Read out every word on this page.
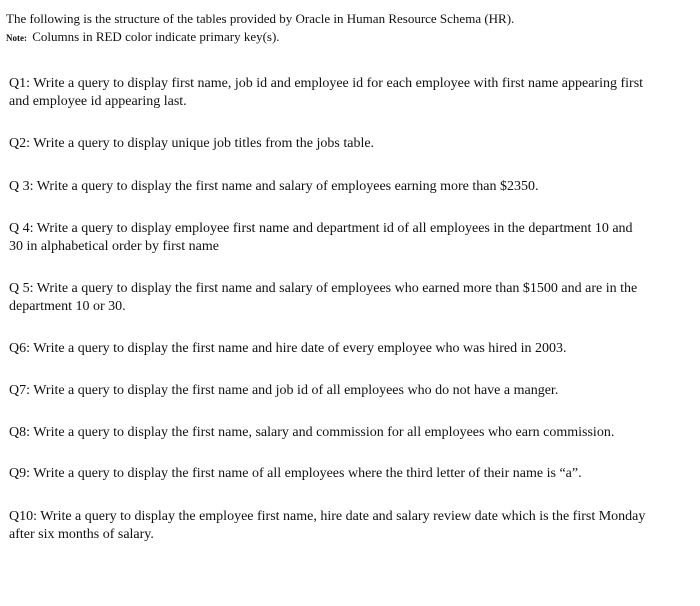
The following is the structure of the tables provided by Oracle in Human Resource Schema (HR).
Note: Columns in RED color indicate primary key(s).
Q1: Write a query to display first name, job id and employee id for each employee with first name appearing first
and employee id appearing last.
Q2: Write a query to display unique job titles from the jobs table.
Q 3: Write a query to display the first name and salary of employees earning more than $2350.
Q 4: Write a query to display employee first name and department id of all employees in the department 10 and
30 in alphabetical order by first name
Q 5: Write a query to display the first name and salary of employees who earned more than $1500 and are in the
department 10 or 30.
Q6: Write a query to display the first name and hire date of every employee who was hired in 2003.
Q7: Write a query to display the first name and job id of all employees who do not have a manger.
Q8: Write a query to display the first name, salary and commission for all employees who earn commission.
Q9: Write a query to display the first name of all employees where the third letter of their name is “a”.
Q10: Write a query to display the employee first name, hire date and salary review date which is the first Monday
after six months of salary.
